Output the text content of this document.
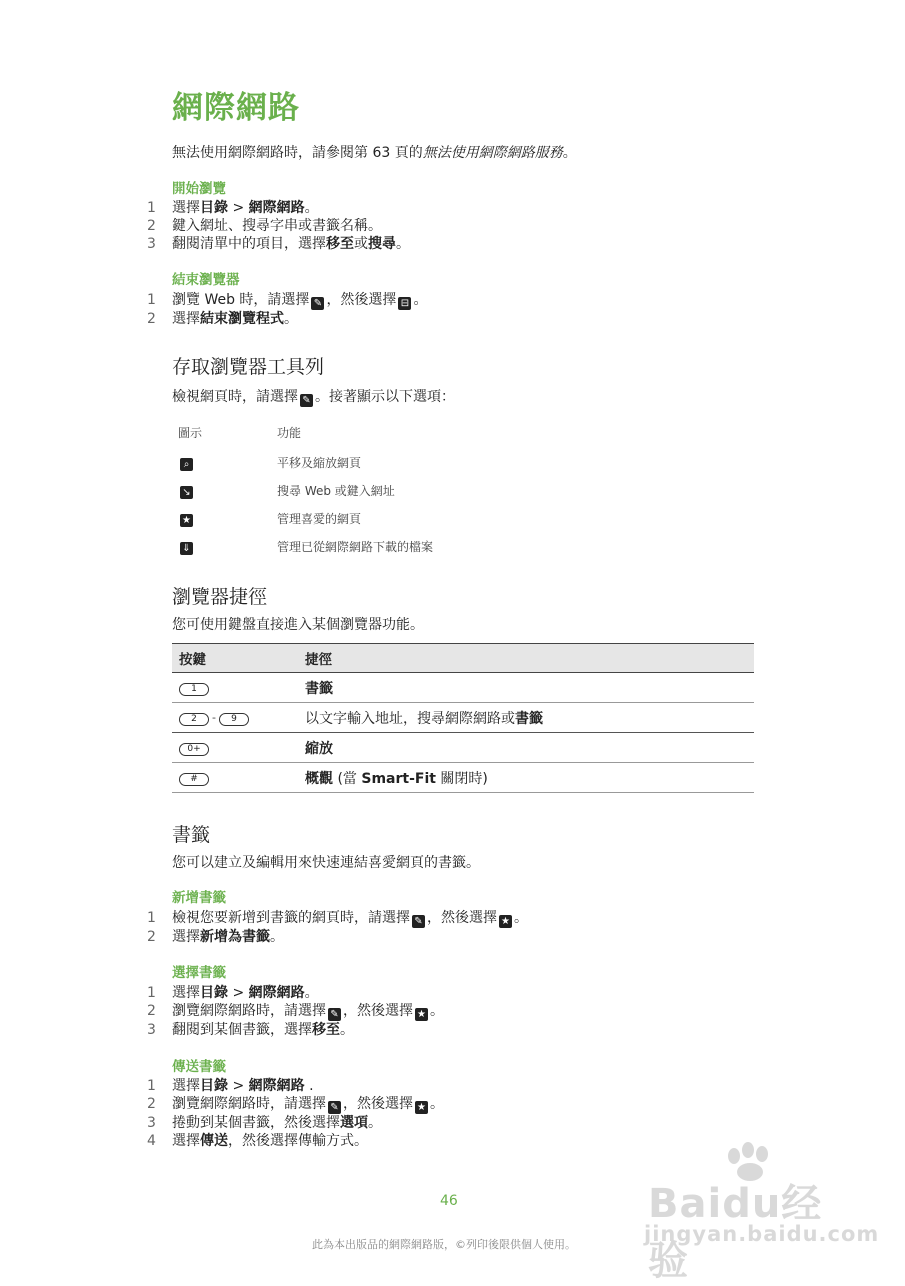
網際網路
無法使用網際網路時，請參閱第 63 頁的無法使用網際網路服務。
開始瀏覽
1	選擇目錄 > 網際網路。
2	鍵入網址、搜尋字串或書籤名稱。
3	翻閱清單中的項目，選擇移至或搜尋。
結束瀏覽器
1	瀏覽 Web 時，請選擇 ✎ ，然後選擇 ⊟ 。
2	選擇結束瀏覽程式。
存取瀏覽器工具列
檢視網頁時，請選擇 ✎ 。接著顯示以下選項：
圖示	功能
⌕	平移及縮放網頁
↘	搜尋 Web 或鍵入網址
★	管理喜愛的網頁
⇓	管理已從網際網路下載的檔案
瀏覽器捷徑
您可使用鍵盤直接進入某個瀏覽器功能。
按鍵	捷徑
1	書籤
2 - 9	以文字輸入地址，搜尋網際網路或書籤
0+	縮放
#	概觀 (當 Smart-Fit 關閉時)
書籤
您可以建立及編輯用來快速連結喜愛網頁的書籤。
新增書籤
1	檢視您要新增到書籤的網頁時，請選擇 ✎ ，然後選擇 ★ 。
2	選擇新增為書籤。
選擇書籤
1	選擇目錄 > 網際網路。
2	瀏覽網際網路時，請選擇 ✎ ，然後選擇 ★ 。
3	翻閱到某個書籤，選擇移至。
傳送書籤
1	選擇目錄 > 網際網路 .
2	瀏覽網際網路時，請選擇 ✎ ，然後選擇 ★ 。
3	捲動到某個書籤，然後選擇選項。
4	選擇傳送，然後選擇傳輸方式。
46
此為本出版品的網際網路版，©列印後限供個人使用。
Baidu经验
jingyan.baidu.com
